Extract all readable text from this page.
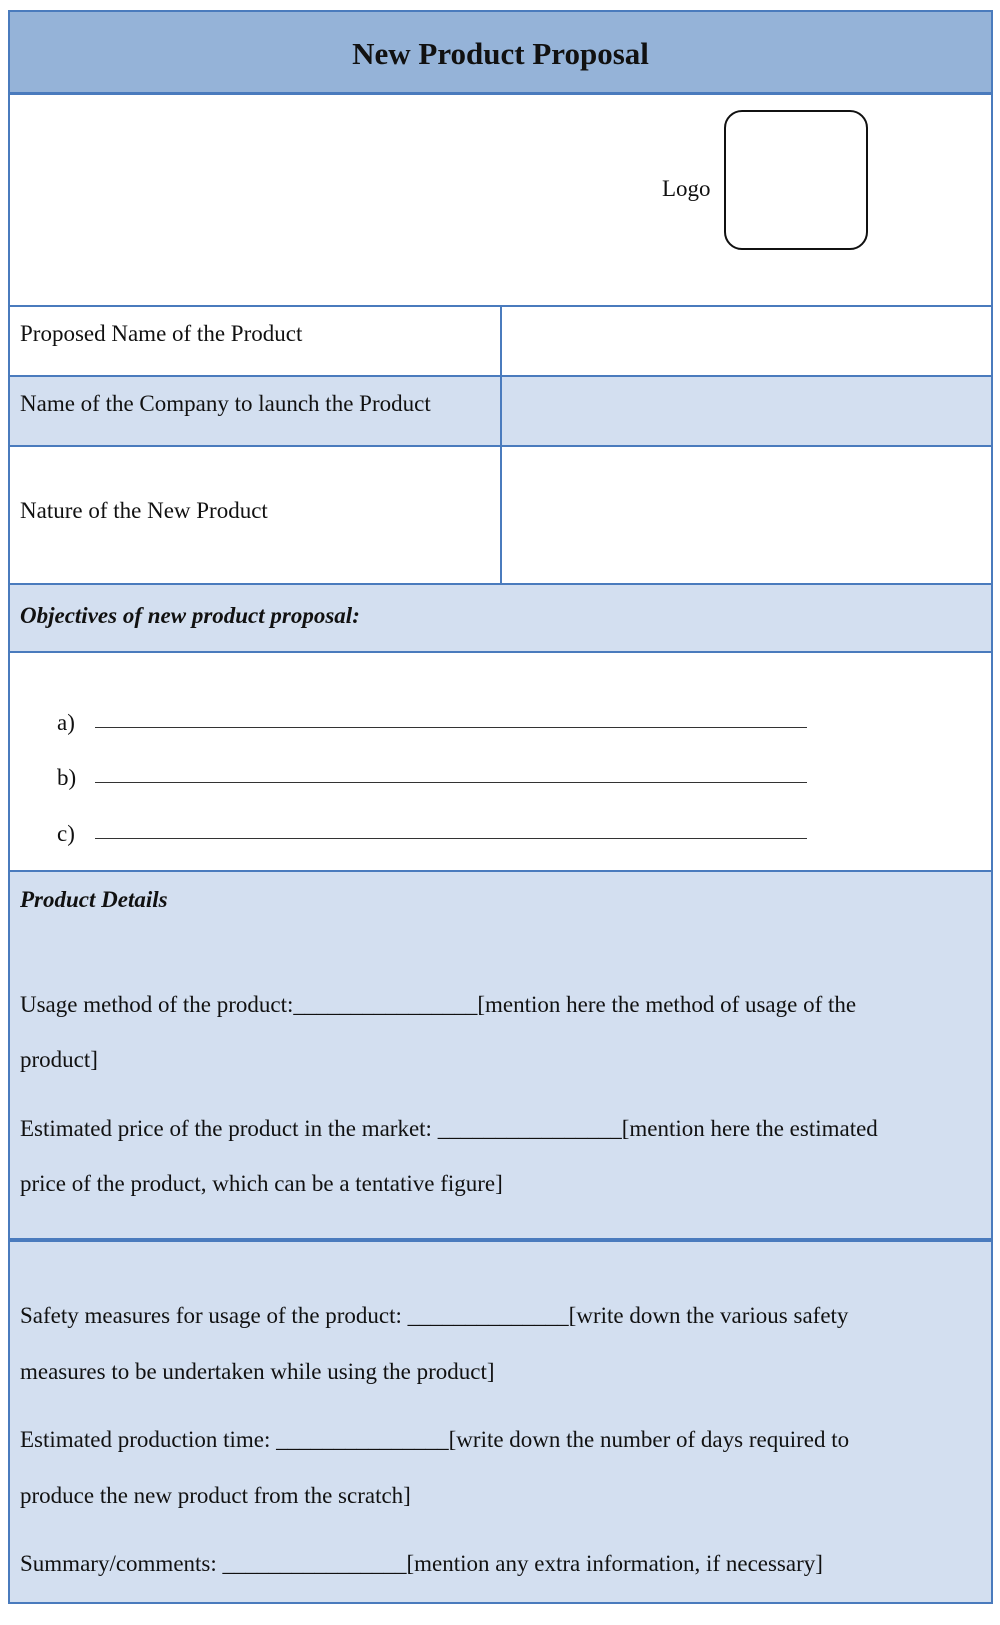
New Product Proposal
Logo
Proposed Name of the Product
Name of the Company to launch the Product
Nature of the New Product
Objectives of new product proposal:
a)
b)
c)
Product Details
Usage method of the product:________________[mention here the method of usage of the
product]
Estimated price of the product in the market: ________________[mention here the estimated
price of the product, which can be a tentative figure]
Safety measures for usage of the product: ______________[write down the various safety
measures to be undertaken while using the product]
Estimated production time: _______________[write down the number of days required to
produce the new product from the scratch]
Summary/comments: ________________[mention any extra information, if necessary]
